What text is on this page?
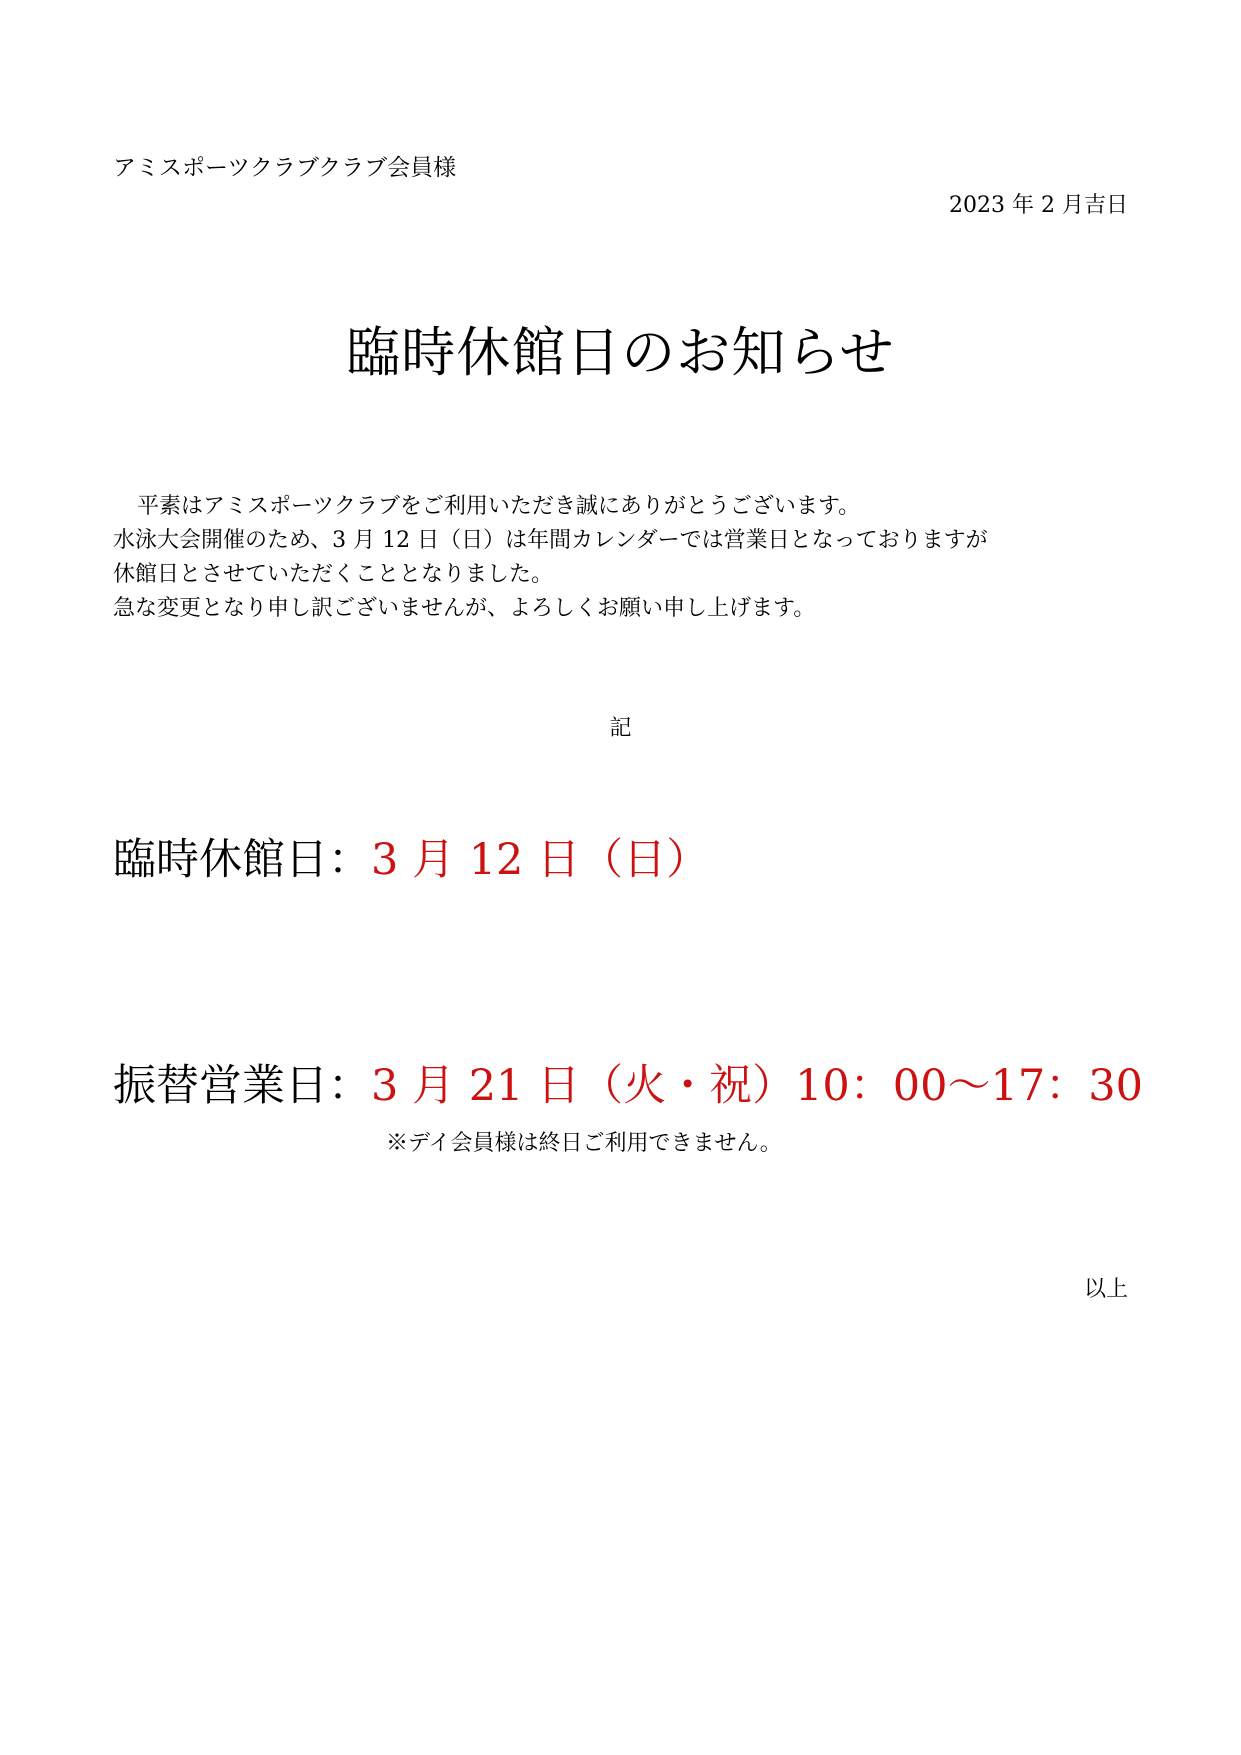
アミスポーツクラブクラブ会員様
2023 年 2 月吉日
臨時休館日のお知らせ
平素はアミスポーツクラブをご利用いただき誠にありがとうございます。
水泳大会開催のため、3 月 12 日（日）は年間カレンダーでは営業日となっておりますが
休館日とさせていただくこととなりました。
急な変更となり申し訳ございませんが、よろしくお願い申し上げます。
記
臨時休館日：3 月 12 日（日）
振替営業日：3 月 21 日（火・祝）10：00～17：30
※デイ会員様は終日ご利用できません。
以上
